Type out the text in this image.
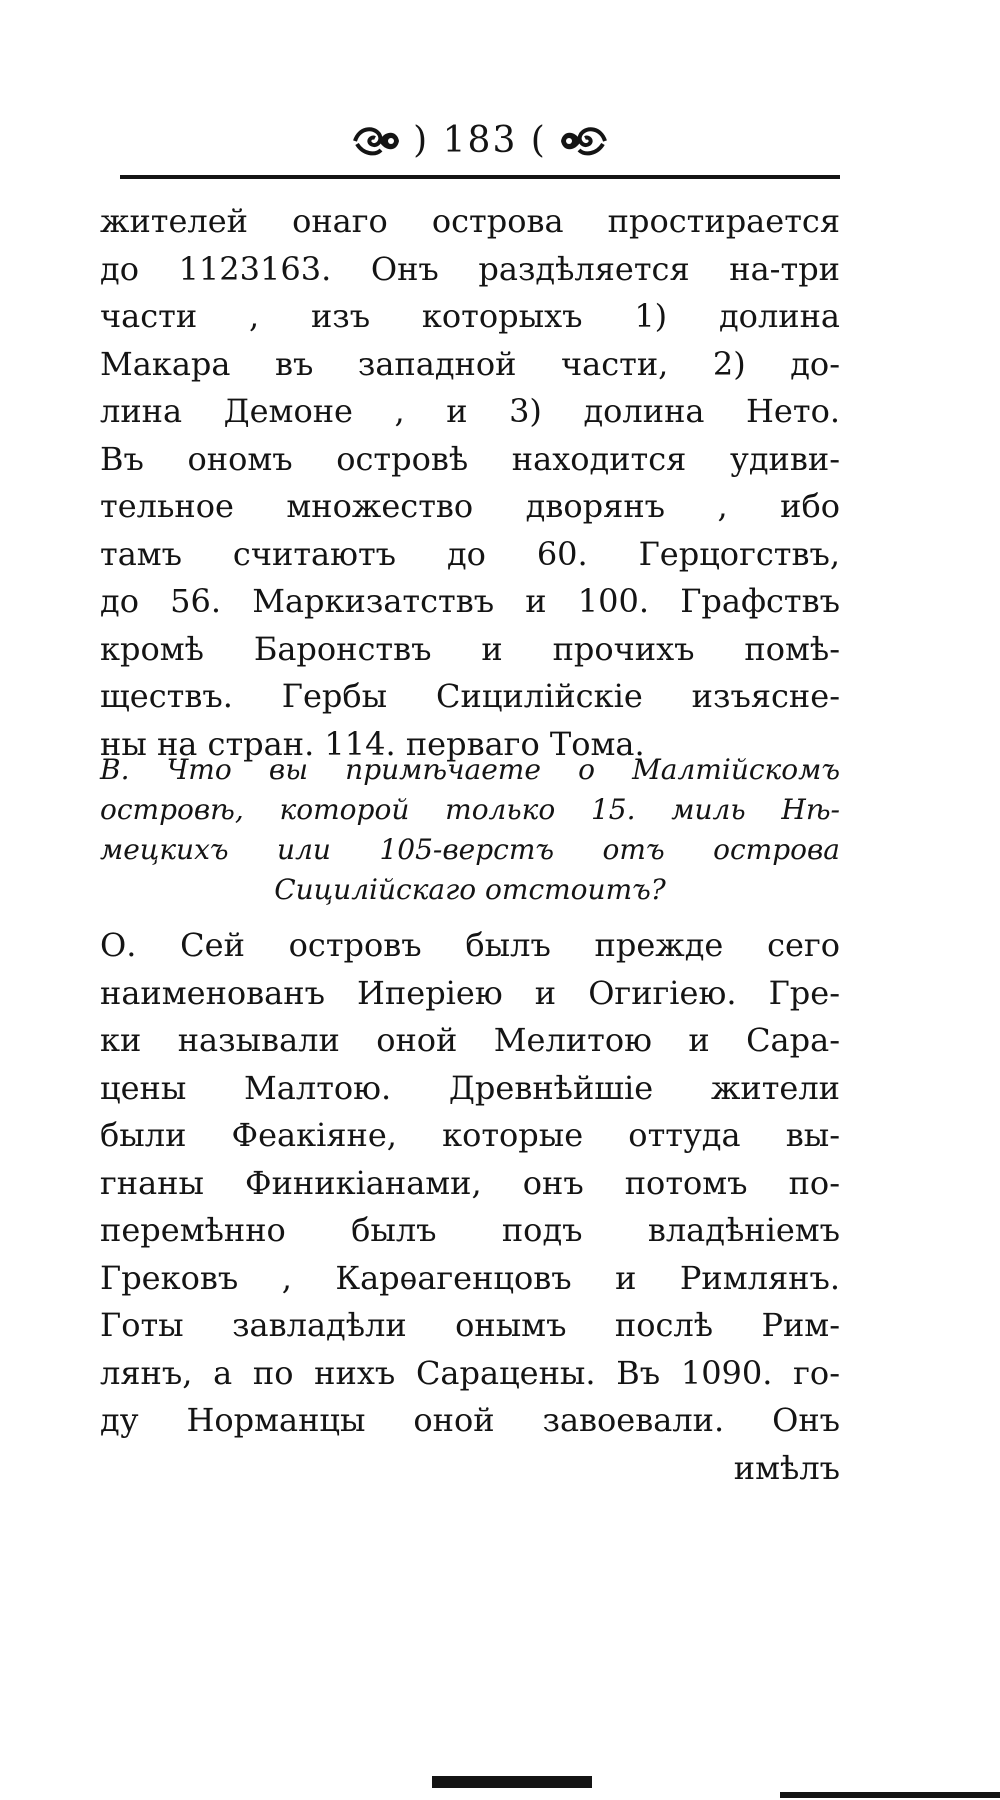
) 183 (
жителей онаго острова простирается
до 1123163. Онъ раздѣляется на-три
части , изъ которыхъ 1) долина
Макара въ западной части, 2) до-
лина Демоне , и 3) долина Нето.
Въ ономъ островѣ находится удиви-
тельное множество дворянъ , ибо
тамъ считаютъ до 60. Герцогствъ,
до 56. Маркизатствъ и 100. Графствъ
кромѣ Баронствъ и прочихъ помѣ-
ществъ. Гербы Сицилiйскiе изъяснe-
ны на стран. 114. перваго Тома.
В. Что вы примѣчаете о Малтiйскомъ
островѣ, которой только 15. миль Нѣ-
мецкихъ или 105-верстъ отъ острова
Сицилiйскаго отстоитъ?
О. Сей островъ былъ прежде сего
наименованъ Иперiею и Огигiею. Гре-
ки называли оной Мелитою и Сара-
цены Малтою. Древнѣйшiе жители
были Феакiяне, которые оттуда вы-
гнаны Финикiанами, онъ потомъ по-
перемѣнно былъ подъ владѣнiемъ
Грековъ , Карѳагенцовъ и Римлянъ.
Готы завладѣли онымъ послѣ Рим-
лянъ, а по нихъ Сарацены. Въ 1090. го-
ду Норманцы оной завоевали. Онъ
имѣлъ
